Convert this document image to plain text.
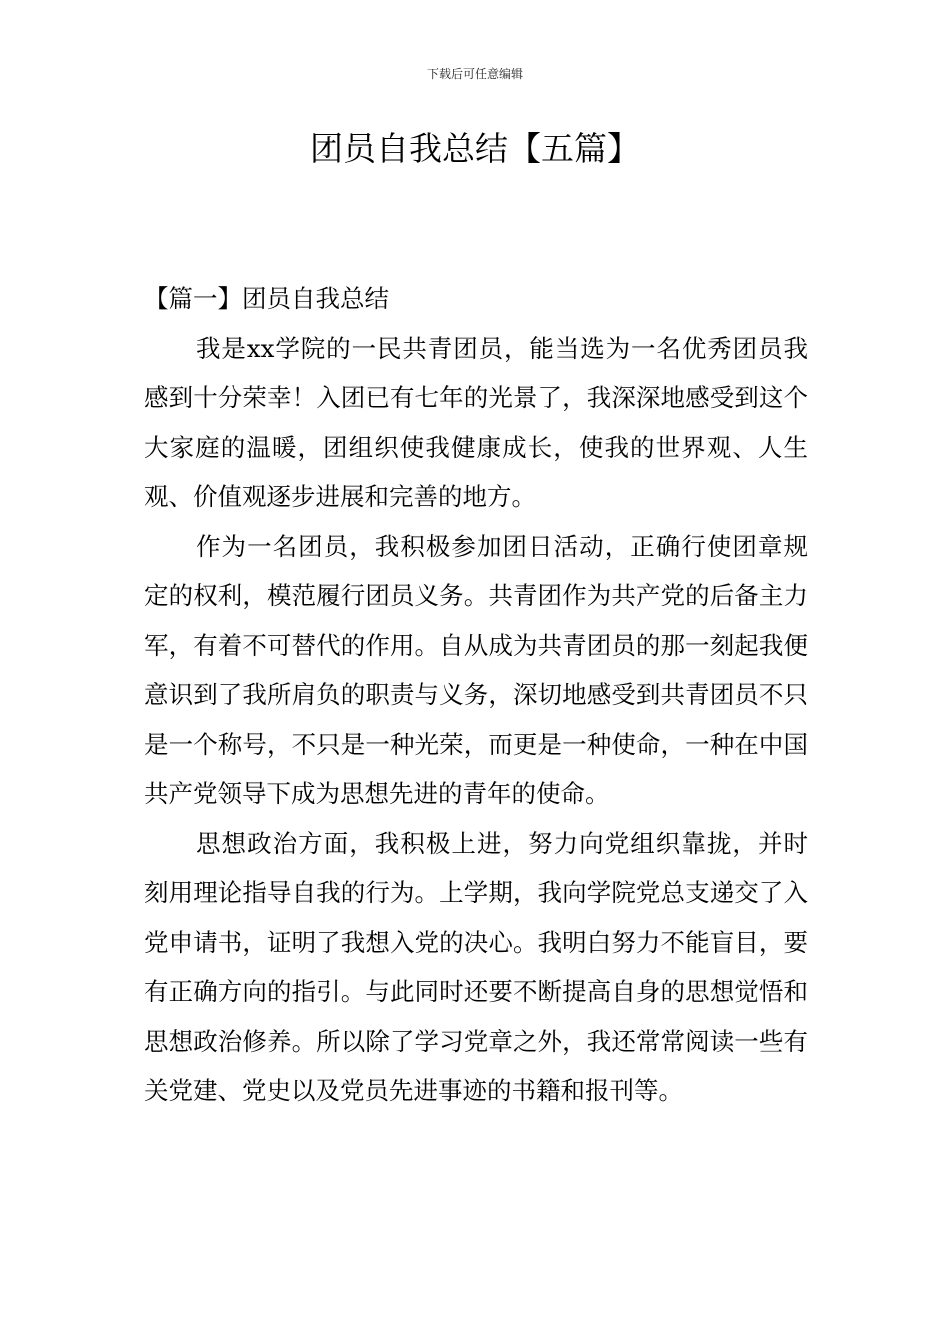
下载后可任意编辑
团员自我总结【五篇】

【篇一】团员自我总结

我是xx学院的一民共青团员，能当选为一名优秀团员我感到十分荣幸！入团已有七年的光景了，我深深地感受到这个大家庭的温暖，团组织使我健康成长，使我的世界观、人生观、价值观逐步进展和完善的地方。

作为一名团员，我积极参加团日活动，正确行使团章规定的权利，模范履行团员义务。共青团作为共产党的后备主力军，有着不可替代的作用。自从成为共青团员的那一刻起我便意识到了我所肩负的职责与义务，深切地感受到共青团员不只是一个称号，不只是一种光荣，而更是一种使命，一种在中国共产党领导下成为思想先进的青年的使命。

思想政治方面，我积极上进，努力向党组织靠拢，并时刻用理论指导自我的行为。上学期，我向学院党总支递交了入党申请书，证明了我想入党的决心。我明白努力不能盲目，要有正确方向的指引。与此同时还要不断提高自身的思想觉悟和思想政治修养。所以除了学习党章之外，我还常常阅读一些有关党建、党史以及党员先进事迹的书籍和报刊等。
